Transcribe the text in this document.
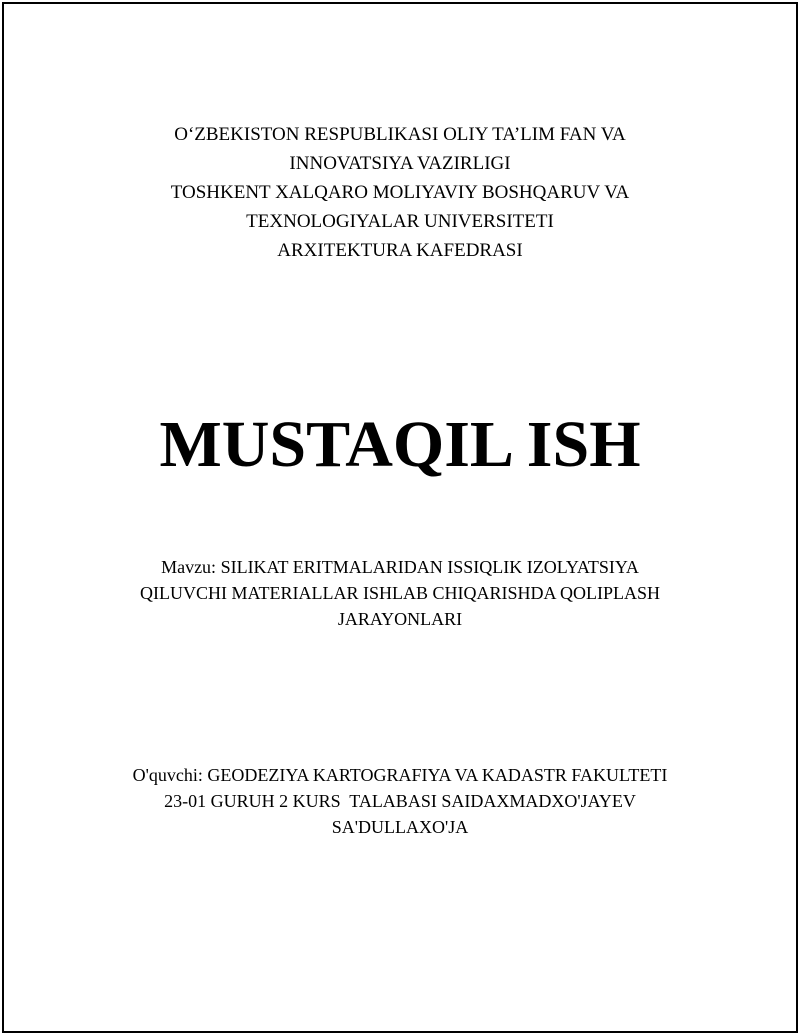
O‘ZBEKISTON RESPUBLIKASI OLIY TA’LIM FAN VA
INNOVATSIYA VAZIRLIGI
TOSHKENT XALQARO MOLIYAVIY BOSHQARUV VA
TEXNOLOGIYALAR UNIVERSITETI
ARXITEKTURA KAFEDRASI
MUSTAQIL ISH
Mavzu: SILIKAT ERITMALARIDAN ISSIQLIK IZOLYATSIYA
QILUVCHI MATERIALLAR ISHLAB CHIQARISHDA QOLIPLASH
JARAYONLARI
O'quvchi: GEODEZIYA KARTOGRAFIYA VA KADASTR FAKULTETI
23-01 GURUH 2 KURS  TALABASI SAIDAXMADXO'JAYEV
SA'DULLAXO'JA
